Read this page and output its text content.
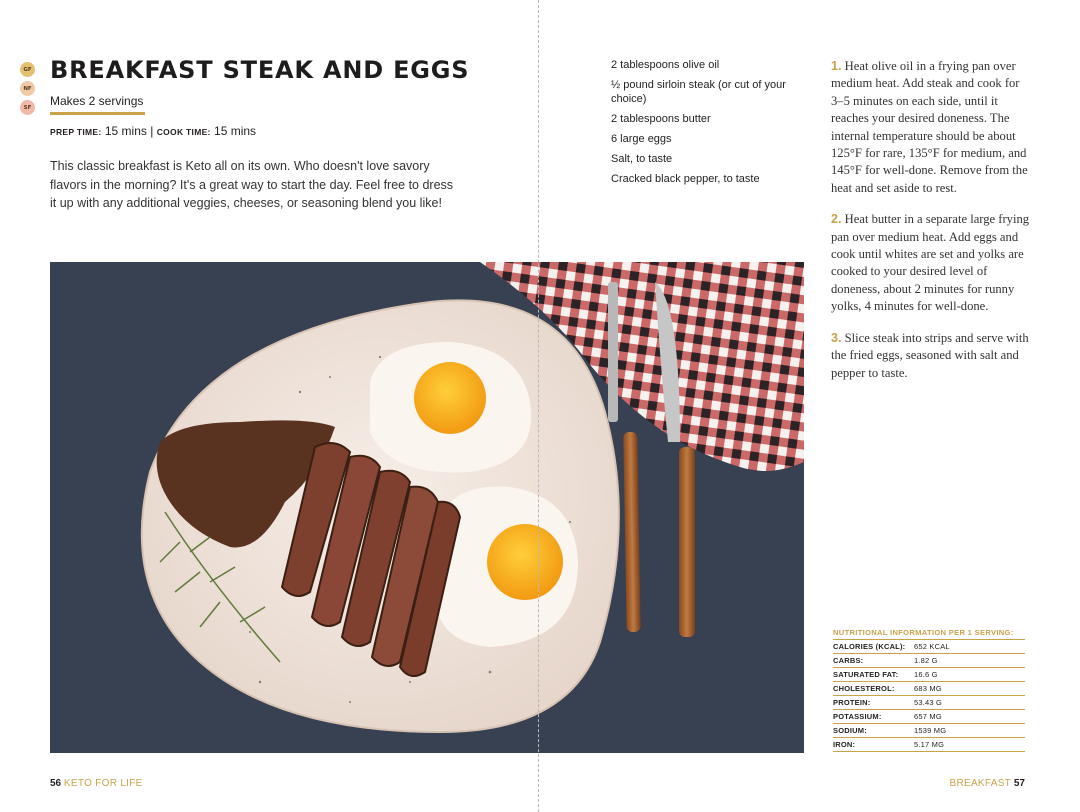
GF
NF
SF
BREAKFAST STEAK AND EGGS
Makes 2 servings
PREP TIME: 15 mins | COOK TIME: 15 mins

This classic breakfast is Keto all on its own. Who doesn't love savory flavors in the morning? It's a great way to start the day. Feel free to dress it up with any additional veggies, cheeses, or seasoning blend you like!

2 tablespoons olive oil
½ pound sirloin steak (or cut of your choice)
2 tablespoons butter
6 large eggs
Salt, to taste
Cracked black pepper, to taste

1. Heat olive oil in a frying pan over medium heat. Add steak and cook for 3–5 minutes on each side, until it reaches your desired doneness. The internal temperature should be about 125°F for rare, 135°F for medium, and 145°F for well-done. Remove from the heat and set aside to rest.

2. Heat butter in a separate large frying pan over medium heat. Add eggs and cook until whites are set and yolks are cooked to your desired level of doneness, about 2 minutes for runny yolks, 4 minutes for well-done.

3. Slice steak into strips and serve with the fried eggs, seasoned with salt and pepper to taste.

NUTRITIONAL INFORMATION PER 1 SERVING:
CALORIES (KCAL):	652 KCAL
CARBS:	1.82 G
SATURATED FAT:	16.6 G
CHOLESTEROL:	683 MG
PROTEIN:	53.43 G
POTASSIUM:	657 MG
SODIUM:	1539 MG
IRON:	5.17 MG
56 KETO FOR LIFE	BREAKFAST 57
